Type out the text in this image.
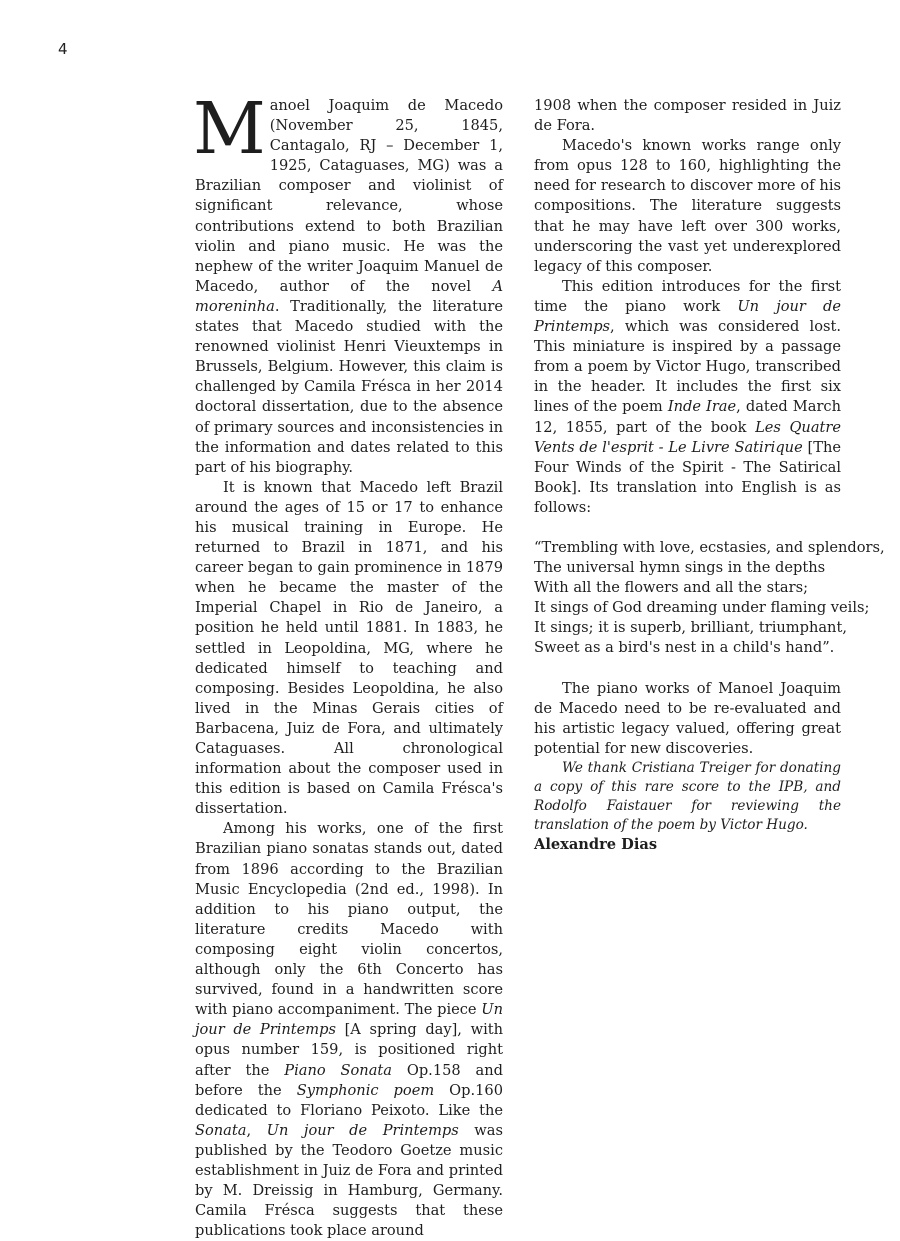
4

Manoel Joaquim de Macedo (November 25, 1845, Cantagalo, RJ – December 1, 1925, Cataguases, MG) was a Brazilian composer and violinist of significant relevance, whose contributions extend to both Brazilian violin and piano music. He was the nephew of the writer Joaquim Manuel de Macedo, author of the novel A moreninha. Traditionally, the literature states that Macedo studied with the renowned violinist Henri Vieuxtemps in Brussels, Belgium. However, this claim is challenged by Camila Frésca in her 2014 doctoral dissertation, due to the absence of primary sources and inconsistencies in the information and dates related to this part of his biography.

It is known that Macedo left Brazil around the ages of 15 or 17 to enhance his musical training in Europe. He returned to Brazil in 1871, and his career began to gain prominence in 1879 when he became the master of the Imperial Chapel in Rio de Janeiro, a position he held until 1881. In 1883, he settled in Leopoldina, MG, where he dedicated himself to teaching and composing. Besides Leopoldina, he also lived in the Minas Gerais cities of Barbacena, Juiz de Fora, and ultimately Cataguases. All chronological information about the composer used in this edition is based on Camila Frésca's dissertation.

Among his works, one of the first Brazilian piano sonatas stands out, dated from 1896 according to the Brazilian Music Encyclopedia (2nd ed., 1998). In addition to his piano output, the literature credits Macedo with composing eight violin concertos, although only the 6th Concerto has survived, found in a handwritten score with piano accompaniment. The piece Un jour de Printemps [A spring day], with opus number 159, is positioned right after the Piano Sonata Op.158 and before the Symphonic poem Op.160 dedicated to Floriano Peixoto. Like the Sonata, Un jour de Printemps was published by the Teodoro Goetze music establishment in Juiz de Fora and printed by M. Dreissig in Hamburg, Germany. Camila Frésca suggests that these publications took place around

1908 when the composer resided in Juiz de Fora.

Macedo's known works range only from opus 128 to 160, highlighting the need for research to discover more of his compositions. The literature suggests that he may have left over 300 works, underscoring the vast yet underexplored legacy of this composer.

This edition introduces for the first time the piano work Un jour de Printemps, which was considered lost. This miniature is inspired by a passage from a poem by Victor Hugo, transcribed in the header. It includes the first six lines of the poem Inde Irae, dated March 12, 1855, part of the book Les Quatre Vents de l'esprit - Le Livre Satirique [The Four Winds of the Spirit - The Satirical Book]. Its translation into English is as follows:

“Trembling with love, ecstasies, and splendors,
The universal hymn sings in the depths
With all the flowers and all the stars;
It sings of God dreaming under flaming veils;
It sings; it is superb, brilliant, triumphant,
Sweet as a bird's nest in a child's hand”.

The piano works of Manoel Joaquim de Macedo need to be re-evaluated and his artistic legacy valued, offering great potential for new discoveries.

We thank Cristiana Treiger for donating a copy of this rare score to the IPB, and Rodolfo Faistauer for reviewing the translation of the poem by Victor Hugo.

Alexandre Dias
